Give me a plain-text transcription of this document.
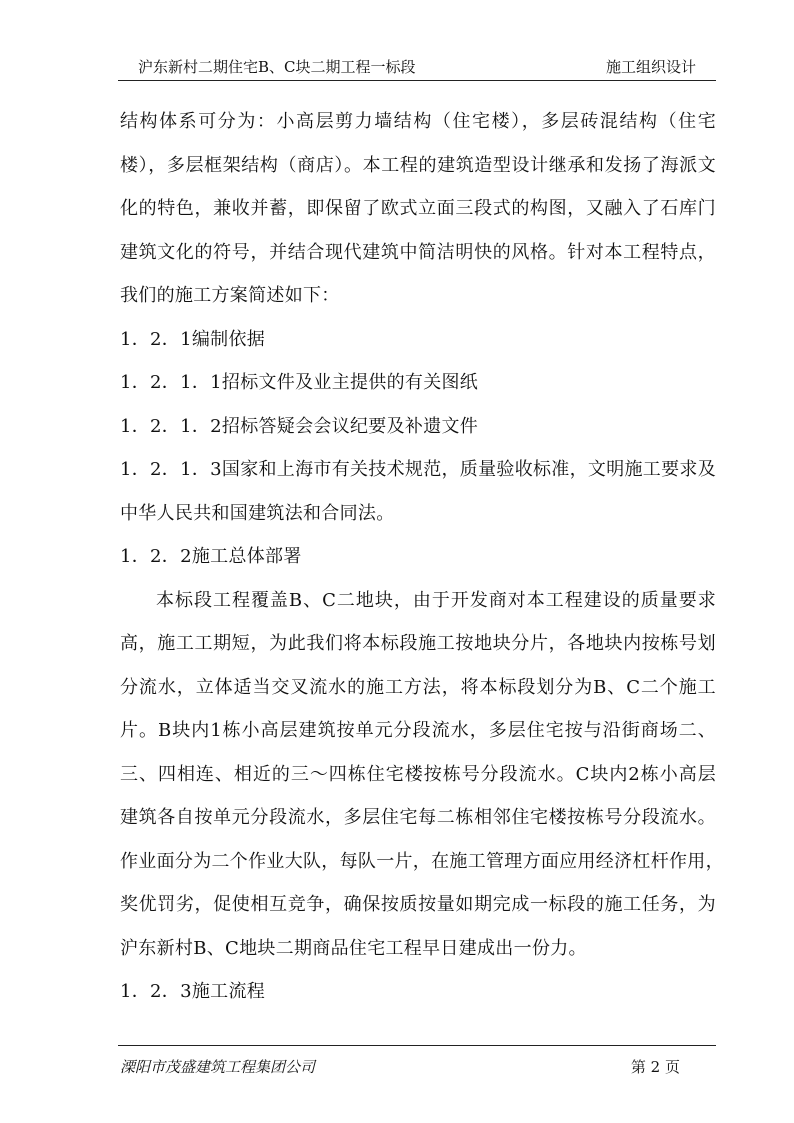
沪东新村二期住宅B、C块二期工程一标段	施工组织设计
结构体系可分为：小高层剪力墙结构（住宅楼），多层砖混结构（住宅
楼），多层框架结构（商店）。本工程的建筑造型设计继承和发扬了海派文
化的特色，兼收并蓄，即保留了欧式立面三段式的构图，又融入了石库门
建筑文化的符号，并结合现代建筑中简洁明快的风格。针对本工程特点，
我们的施工方案简述如下：
1．2．1编制依据
1．2．1．1招标文件及业主提供的有关图纸
1．2．1．2招标答疑会会议纪要及补遗文件
1．2．1．3国家和上海市有关技术规范，质量验收标准，文明施工要求及
中华人民共和国建筑法和合同法。
1．2．2施工总体部署
本标段工程覆盖B、C二地块，由于开发商对本工程建设的质量要求
高，施工工期短，为此我们将本标段施工按地块分片，各地块内按栋号划
分流水，立体适当交叉流水的施工方法，将本标段划分为B、C二个施工
片。B块内1栋小高层建筑按单元分段流水，多层住宅按与沿街商场二、
三、四相连、相近的三～四栋住宅楼按栋号分段流水。C块内2栋小高层
建筑各自按单元分段流水，多层住宅每二栋相邻住宅楼按栋号分段流水。
作业面分为二个作业大队，每队一片，在施工管理方面应用经济杠杆作用，
奖优罚劣，促使相互竞争，确保按质按量如期完成一标段的施工任务，为
沪东新村B、C地块二期商品住宅工程早日建成出一份力。
1．2．3施工流程
溧阳市茂盛建筑工程集团公司	第 2 页
